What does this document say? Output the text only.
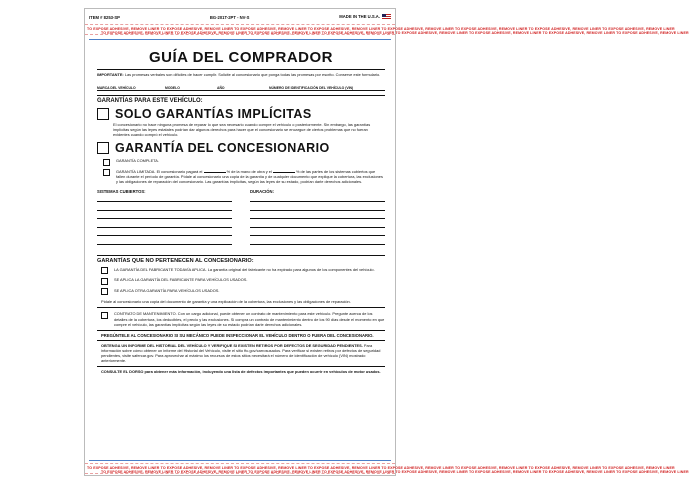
ITEM # 8253-SP	BG-201T-2PT - NV-S	MADE IN THE U.S.A.
TO EXPOSE ADHESIVE, REMOVE LINER TO EXPOSE ADHESIVE, REMOVE LINER TO EXPOSE ADHESIVE, REMOVE LINER TO EXPOSE ADHESIVE, REMOVE LINER TO EXPOSE ADHESIVE, REMOVE LINER TO EXPOSE ADHESIVE, REMOVE LINER TO EXPOSE ADHESIVE, REMOVE LINER TO EXPOSE ADHESIVE, REMOVE LINER
TO EXPOSE ADHESIVE, REMOVE LINER TO EXPOSE ADHESIVE, REMOVE LINER TO EXPOSE ADHESIVE, REMOVE LINER TO EXPOSE ADHESIVE, REMOVE LINER TO EXPOSE ADHESIVE, REMOVE LINER TO EXPOSE ADHESIVE, REMOVE LINER TO EXPOSE ADHESIVE, REMOVE LINER TO EXPOSE ADHESIVE, REMOVE LINER
GUÍA DEL COMPRADOR
IMPORTANTE: Las promesas verbales son difíciles de hacer cumplir. Solicite al concesionario que ponga todas las promesas por escrito. Conserve este formulario.
MARCA DEL VEHÍCULO	MODELO	AÑO	NÚMERO DE IDENTIFICACIÓN DEL VEHÍCULO (VIN)
GARANTÍAS PARA ESTE VEHÍCULO:
SOLO GARANTÍAS IMPLÍCITAS
El concesionario no hace ninguna promesa de reparar lo que sea necesario cuando compre el vehículo o posteriormente. Sin embargo, las garantías implícitas según las leyes estatales podrían dar algunos derechos para hacer que el concesionario se encargue de ciertos problemas que no fueran evidentes cuando compró el vehículo.
GARANTÍA DEL CONCESIONARIO
GARANTÍA COMPLETA.
GARANTÍA LIMITADA. El concesionario pagará el	% de la mano de obra y el	% de las partes de los sistemas cubiertos que fallen durante el período de garantía. Pídale al concesionario una copia de la garantía y de cualquier documento que explique la cobertura, las exclusiones y las obligaciones de reparación del concesionario. Las garantías implícitas, según las leyes de su estado, podrían darle derechos adicionales.
SISTEMAS CUBIERTOS:	DURACIÓN:
GARANTÍAS QUE NO PERTENECEN AL CONCESIONARIO:
LA GARANTÍA DEL FABRICANTE TODAVÍA APLICA. La garantía original del fabricante no ha expirado para algunos de los componentes del vehículo.
SE APLICA LA GARANTÍA DEL FABRICANTE PARA VEHÍCULOS USADOS.
SE APLICA OTRA GARANTÍA PARA VEHÍCULOS USADOS.
Pídale al concesionario una copia del documento de garantía y una explicación de la cobertura, las exclusiones y las obligaciones de reparación.
CONTRATO DE MANTENIMIENTO. Con un cargo adicional, puede obtener un contrato de mantenimiento para este vehículo. Pregunte acerca de los detalles de la cobertura, los deducibles, el precio y las exclusiones. Si compra un contrato de mantenimiento dentro de los 90 días desde el momento en que compre el vehículo, las garantías implícitas según las leyes de su estado podrían darle derechos adicionales.
PREGÚNTELE AL CONCESIONARIO SI SU MECÁNICO PUEDE INSPECCIONAR EL VEHÍCULO DENTRO O FUERA DEL CONCESIONARIO.
OBTENGA UN INFORME DEL HISTORIAL DEL VEHÍCULO Y VERIFIQUE SI EXISTEN RETIROS POR DEFECTOS DE SEGURIDAD PENDIENTES. Para información sobre cómo obtener un informe del Historial del Vehículo, visite el sitio ftc.gov/carrosusados. Para verificar si existen retiros por defectos de seguridad pendientes, visite safercar.gov. Para aprovechar al máximo los recursos de estos sitios necesitará el número de identificación de vehículo (VIN) mostrado anteriormente.
CONSULTE EL DORSO para obtener más información, incluyendo una lista de defectos importantes que pueden ocurrir en vehículos de motor usados.
TO EXPOSE ADHESIVE, REMOVE LINER TO EXPOSE ADHESIVE, REMOVE LINER TO EXPOSE ADHESIVE, REMOVE LINER TO EXPOSE ADHESIVE, REMOVE LINER TO EXPOSE ADHESIVE, REMOVE LINER TO EXPOSE ADHESIVE, REMOVE LINER TO EXPOSE ADHESIVE, REMOVE LINER TO EXPOSE ADHESIVE, REMOVE LINER
TO EXPOSE ADHESIVE, REMOVE LINER TO EXPOSE ADHESIVE, REMOVE LINER TO EXPOSE ADHESIVE, REMOVE LINER TO EXPOSE ADHESIVE, REMOVE LINER TO EXPOSE ADHESIVE, REMOVE LINER TO EXPOSE ADHESIVE, REMOVE LINER TO EXPOSE ADHESIVE, REMOVE LINER TO EXPOSE ADHESIVE, REMOVE LINER
